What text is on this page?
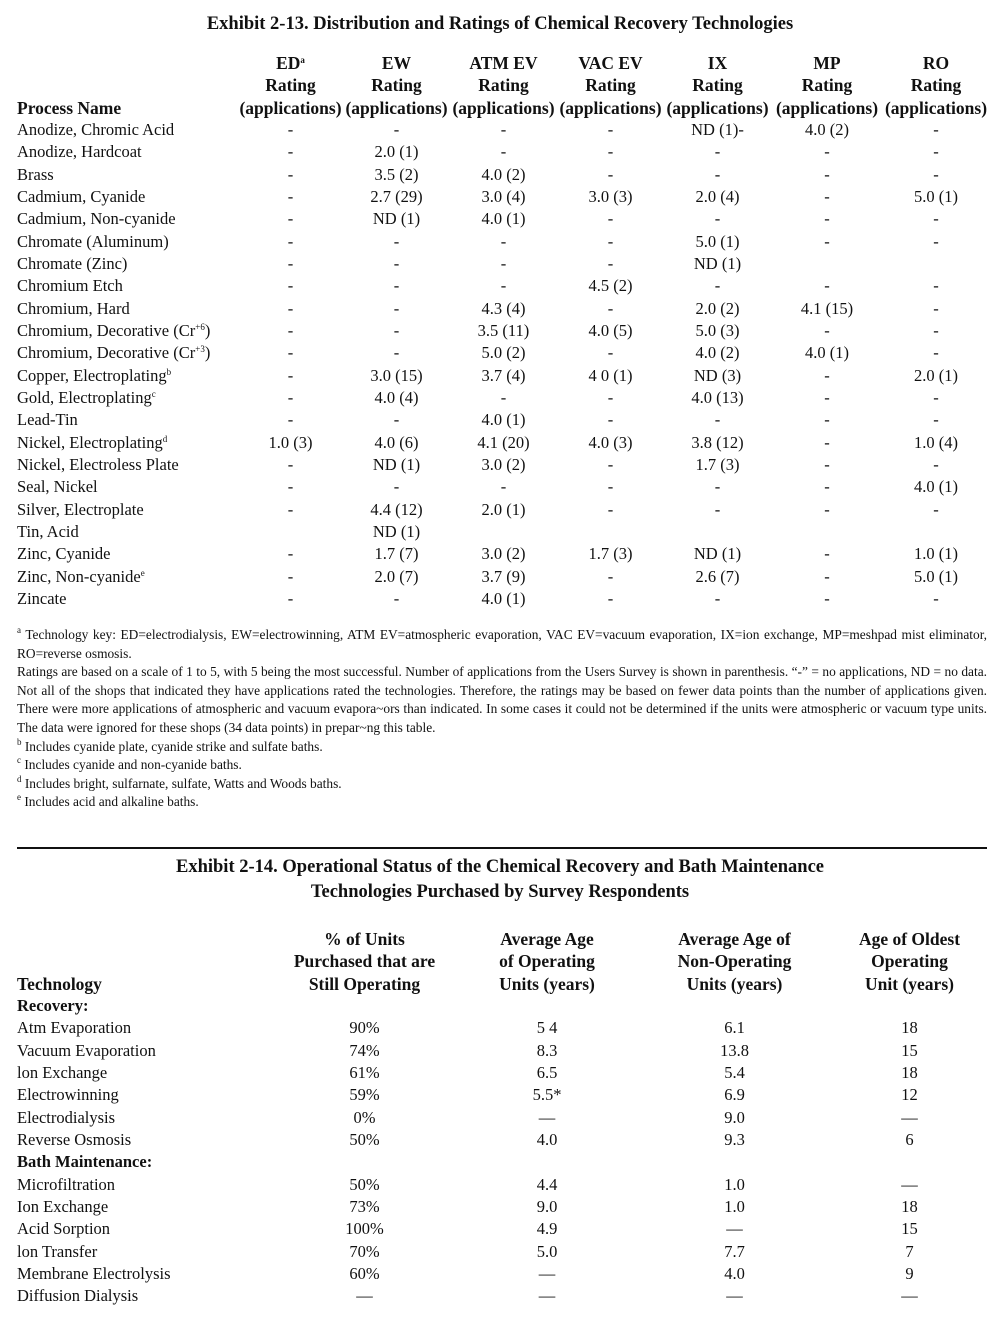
Exhibit 2-13. Distribution and Ratings of Chemical Recovery Technologies
Process Name	$ED^a$
Rating
(applications)	EW
Rating
(applications)	ATM EV
Rating
(applications)	VAC EV
Rating
(applications)	IX
Rating
(applications)	MP
Rating
(applications)	RO
Rating
(applications)
Anodize, Chromic Acid	-	-	-	-	ND (1)-	4.0 (2)	-
Anodize, Hardcoat	-	2.0 (1)	-	-	-	-	-
Brass	-	3.5 (2)	4.0 (2)	-	-	-	-
Cadmium, Cyanide	-	2.7 (29)	3.0 (4)	3.0 (3)	2.0 (4)	-	5.0 (1)
Cadmium, Non-cyanide	-	ND (1)	4.0 (1)	-	-	-	-
Chromate (Aluminum)	-	-	-	-	5.0 (1)	-	-
Chromate (Zinc)	-	-	-	-	ND (1)		
Chromium Etch	-	-	-	4.5 (2)	-	-	-
Chromium, Hard	-	-	4.3 (4)	-	2.0 (2)	4.1 (15)	-
Chromium, Decorative $(Cr^{+6})$	-	-	3.5 (11)	4.0 (5)	5.0 (3)	-	-
Chromium, Decorative $(Cr^{+3})$	-	-	5.0 (2)	-	4.0 (2)	4.0 (1)	-
Copper, Electroplating$^b$	-	3.0 (15)	3.7 (4)	4 0 (1)	ND (3)	-	2.0 (1)
Gold, Electroplating$^c$	-	4.0 (4)	-	-	4.0 (13)	-	-
Lead-Tin	-	-	4.0 (1)	-	-	-	-
Nickel, Electroplating$^d$	1.0 (3)	4.0 (6)	4.1 (20)	4.0 (3)	3.8 (12)	-	1.0 (4)
Nickel, Electroless Plate	-	ND (1)	3.0 (2)	-	1.7 (3)	-	-
Seal, Nickel	-	-	-	-	-	-	4.0 (1)
Silver, Electroplate	-	4.4 (12)	2.0 (1)	-	-	-	-
Tin, Acid		ND (1)					
Zinc, Cyanide	-	1.7 (7)	3.0 (2)	1.7 (3)	ND (1)	-	1.0 (1)
Zinc, Non-cyanide$^e$	-	2.0 (7)	3.7 (9)	-	2.6 (7)	-	5.0 (1)
Zincate	-	-	4.0 (1)	-	-	-	-

$^a$ Technology key: ED=electrodialysis, EW=electrowinning, ATM EV=atmospheric evaporation, VAC EV=vacuum evaporation, IX=ion exchange, MP=meshpad mist eliminator, RO=reverse osmosis.

Ratings are based on a scale of 1 to 5, with 5 being the most successful. Number of applications from the Users Survey is shown in parenthesis. “-” = no applications, ND = no data. Not all of the shops that indicated they have applications rated the technologies. Therefore, the ratings may be based on fewer data points than the number of applications given. There were more applications of atmospheric and vacuum evapora~ors than indicated. In some cases it could not be determined if the units were atmospheric or vacuum type units. The data were ignored for these shops (34 data points) in prepar~ng this table.

$^b$ Includes cyanide plate, cyanide strike and sulfate baths.

$^c$ Includes cyanide and non-cyanide baths.

$^d$ Includes bright, sulfarnate, sulfate, Watts and Woods baths.

$^e$ Includes acid and alkaline baths.

Exhibit 2-14. Operational Status of the Chemical Recovery and Bath Maintenance
Technologies Purchased by Survey Respondents
Technology	% of Units
Purchased that are
Still Operating	Average Age
of Operating
Units (years)	Average Age of
Non-Operating
Units (years)	Age of Oldest
Operating
Unit (years)
Recovery:				
Atm Evaporation	90%	5 4	6.1	18
Vacuum Evaporation	74%	8.3	13.8	15
lon Exchange	61%	6.5	5.4	18
Electrowinning	59%	5.5*	6.9	12
Electrodialysis	0%	—	9.0	—
Reverse Osmosis	50%	4.0	9.3	6
Bath Maintenance:				
Microfiltration	50%	4.4	1.0	—
Ion Exchange	73%	9.0	1.0	18
Acid Sorption	100%	4.9	—	15
lon Transfer	70%	5.0	7.7	7
Membrane Electrolysis	60%	—	4.0	9
Diffusion Dialysis	—	—	—	—
